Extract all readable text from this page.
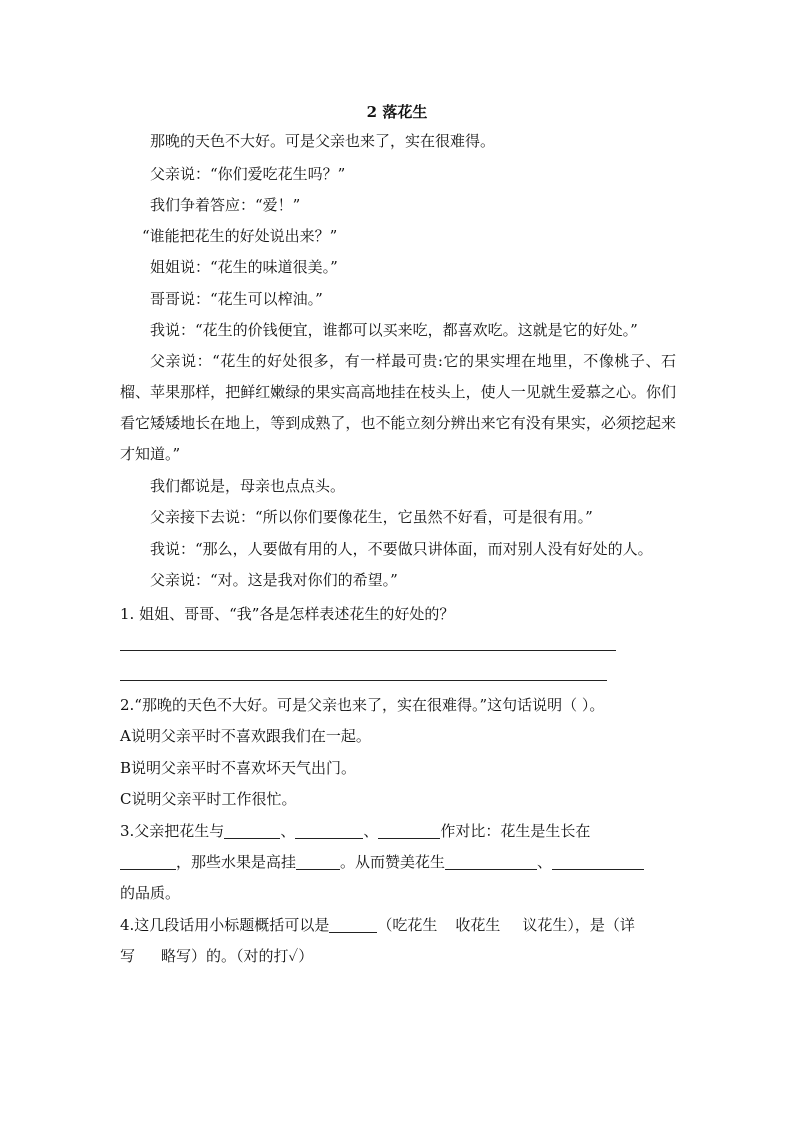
2 落花生

那晚的天色不大好。可是父亲也来了，实在很难得。

父亲说：“你们爱吃花生吗？”

我们争着答应：“爱！”

“谁能把花生的好处说出来？”

姐姐说：“花生的味道很美。”

哥哥说：“花生可以榨油。”

我说：“花生的价钱便宜，谁都可以买来吃，都喜欢吃。这就是它的好处。”

父亲说：“花生的好处很多，有一样最可贵:它的果实埋在地里，不像桃子、石榴、苹果那样，把鲜红嫩绿的果实高高地挂在枝头上，使人一见就生爱慕之心。你们看它矮矮地长在地上，等到成熟了，也不能立刻分辨出来它有没有果实，必须挖起来才知道。”

我们都说是，母亲也点点头。

父亲接下去说：“所以你们要像花生，它虽然不好看，可是很有用。”

我说：“那么，人要做有用的人，不要做只讲体面，而对别人没有好处的人。

父亲说：“对。这是我对你们的希望。”

1. 姐姐、哥哥、“我”各是怎样表述花生的好处的？

2.“那晚的天色不大好。可是父亲也来了，实在很难得。”这句话说明（ ）。

A说明父亲平时不喜欢跟我们在一起。

B说明父亲平时不喜欢坏天气出门。

C说明父亲平时工作很忙。

3.父亲把花生与	、	、	作对比：花生是生长在

，那些水果是高挂	。从而赞美花生	、

的品质。

4.这几段话用小标题概括可以是	（吃花生 收花生 议花生），是（详

写 略写）的。（对的打✓）
